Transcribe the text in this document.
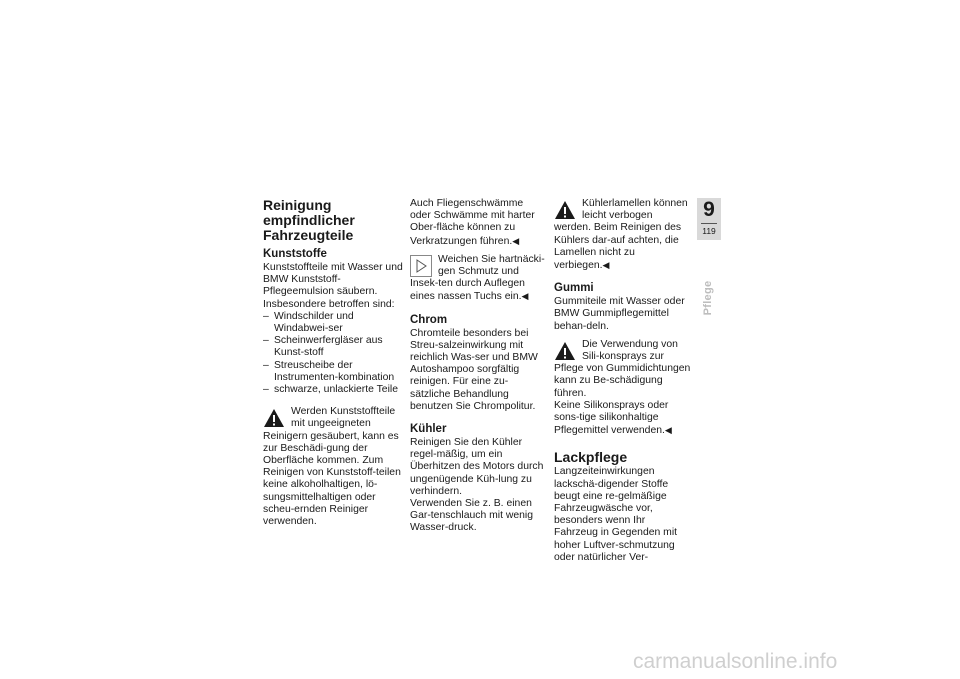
Reinigung empfindlicher Fahrzeugteile
Kunststoffe

Kunststoffteile mit Wasser und BMW Kunststoff-Pflegeemulsion säubern. Insbesondere betroffen sind:

– Windschilder und Windabwei-ser
– Scheinwerfergläser aus Kunst-stoff
– Streuscheibe der Instrumenten-kombination
– schwarze, unlackierte Teile
Werden Kunststoffteile mit ungeeigneten Reinigern gesäubert, kann es zur Beschädi-gung der Oberfläche kommen. Zum Reinigen von Kunststoff-teilen keine alkoholhaltigen, lö-sungsmittelhaltigen oder scheu-ernden Reiniger verwenden.

Auch Fliegenschwämme oder Schwämme mit harter Ober-fläche können zu Verkratzungen führen.◀

Weichen Sie hartnäcki-gen Schmutz und Insek-ten durch Auflegen eines nassen Tuchs ein.◀
Chrom

Chromteile besonders bei Streu-salzeinwirkung mit reichlich Was-ser und BMW Autoshampoo sorgfältig reinigen. Für eine zu-sätzliche Behandlung benutzen Sie Chrompolitur.

Kühler

Reinigen Sie den Kühler regel-mäßig, um ein Überhitzen des Motors durch ungenügende Küh-lung zu verhindern.

Verwenden Sie z. B. einen Gar-tenschlauch mit wenig Wasser-druck.

Kühlerlamellen können leicht verbogen werden. Beim Reinigen des Kühlers dar-auf achten, die Lamellen nicht zu verbiegen.◀
Gummi

Gummiteile mit Wasser oder BMW Gummipflegemittel behan-deln.

Die Verwendung von Sili-konsprays zur Pflege von Gummidichtungen kann zu Be-schädigung führen.

Keine Silikonsprays oder sons-tige silikonhaltige Pflegemittel verwenden.◀

Lackpflege

Langzeiteinwirkungen lackschä-digender Stoffe beugt eine re-gelmäßige Fahrzeugwäsche vor, besonders wenn Ihr Fahrzeug in Gegenden mit hoher Luftver-schmutzung oder natürlicher Ver-

9
119
Pflege
carmanualsonline.info
